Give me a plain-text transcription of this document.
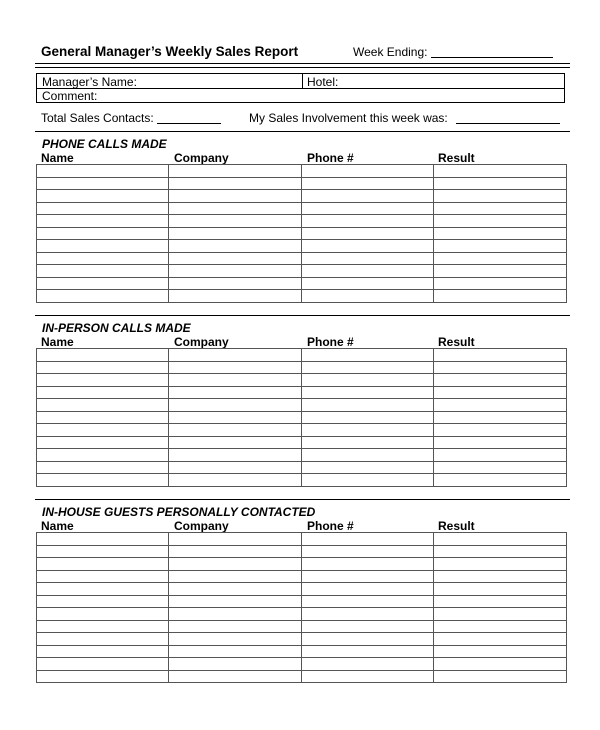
General Manager’s Weekly Sales Report	Week Ending:
Manager’s Name:	Hotel:
Comment:
Total Sales Contacts:	My Sales Involvement this week was:
PHONE CALLS MADE
Name	Company	Phone #	Result

IN-PERSON CALLS MADE
Name	Company	Phone #	Result

IN-HOUSE GUESTS PERSONALLY CONTACTED
Name	Company	Phone #	Result
